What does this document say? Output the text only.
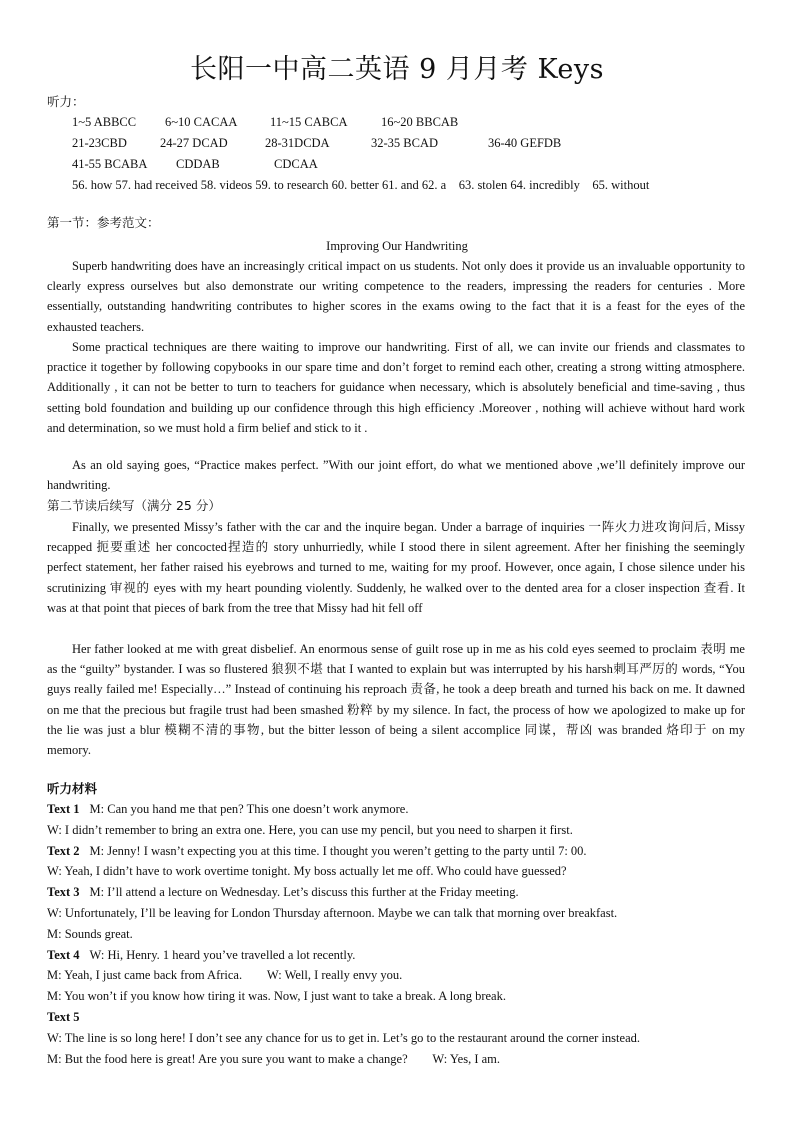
长阳一中高二英语 9 月月考 Keys
听力：
1~5 ABBCC 6~10 CACAA	11~15 CABCA	16~20 BBCAB
21-23CBD	24-27 DCAD	28-31DCDA	32-35 BCAD	36-40 GEFDB
41-55 BCABA CDDAB	CDCAA
56. how 57. had received 58. videos 59. to research 60. better 61. and 62. a    63. stolen 64. incredibly    65. without
第一节：参考范文：
Improving Our Handwriting

Superb handwriting does have an increasingly critical impact on us students. Not only does it provide us an invaluable opportunity to clearly express ourselves but also demonstrate our writing competence to the readers, impressing the readers for centuries . More essentially, outstanding handwriting contributes to higher scores in the exams owing to the fact that it is a feast for the eyes of the exhausted teachers.

Some practical techniques are there waiting to improve our handwriting. First of all, we can invite our friends and classmates to practice it together by following copybooks in our spare time and don’t forget to remind each other, creating a strong witting atmosphere. Additionally , it can not be better to turn to teachers for guidance when necessary, which is absolutely beneficial and time-saving , thus setting bold foundation and building up our confidence through this high efficiency .Moreover , nothing will achieve without hard work and determination, so we must hold a firm belief and stick to it .

As an old saying goes, “Practice makes perfect. ”With our joint effort, do what we mentioned above ,we’ll definitely improve our handwriting.

第二节读后续写（满分 25 分）

Finally, we presented Missy’s father with the car and the inquire began. Under a barrage of inquiries 一阵火力进攻询问后, Missy recapped 扼要重述 her concocted捏造的 story unhurriedly, while I stood there in silent agreement. After her finishing the seemingly perfect statement, her father raised his eyebrows and turned to me, waiting for my proof. However, once again, I chose silence under his scrutinizing 审视的 eyes with my heart pounding violently. Suddenly, he walked over to the dented area for a closer inspection 查看. It was at that point that pieces of bark from the tree that Missy had hit fell off

Her father looked at me with great disbelief. An enormous sense of guilt rose up in me as his cold eyes seemed to proclaim 表明 me as the “guilty” bystander. I was so flustered 狼狈不堪 that I wanted to explain but was interrupted by his harsh刺耳严厉的 words, “You guys really failed me! Especially…” Instead of continuing his reproach 责备, he took a deep breath and turned his back on me. It dawned on me that the precious but fragile trust had been smashed 粉粹 by my silence. In fact, the process of how we apologized to make up for the lie was just a blur 模糊不清的事物, but the bitter lesson of being a silent accomplice 同谋，帮凶 was branded 烙印于 on my memory.

听力材料
Text 1 M: Can you hand me that pen? This one doesn’t work anymore.
W: I didn’t remember to bring an extra one. Here, you can use my pencil, but you need to sharpen it first.
Text 2 M: Jenny! I wasn’t expecting you at this time. I thought you weren’t getting to the party until 7: 00.
W: Yeah, I didn’t have to work overtime tonight. My boss actually let me off. Who could have guessed?
Text 3 M: I’ll attend a lecture on Wednesday. Let’s discuss this further at the Friday meeting.
W: Unfortunately, I’ll be leaving for London Thursday afternoon. Maybe we can talk that morning over breakfast.
M: Sounds great.
Text 4 W: Hi, Henry. 1 heard you’ve travelled a lot recently.
M: Yeah, I just came back from Africa.        W: Well, I really envy you.
M: You won’t if you know how tiring it was. Now, I just want to take a break. A long break.
Text 5
W: The line is so long here! I don’t see any chance for us to get in. Let’s go to the restaurant around the corner instead.
M: But the food here is great! Are you sure you want to make a change?        W: Yes, I am.
